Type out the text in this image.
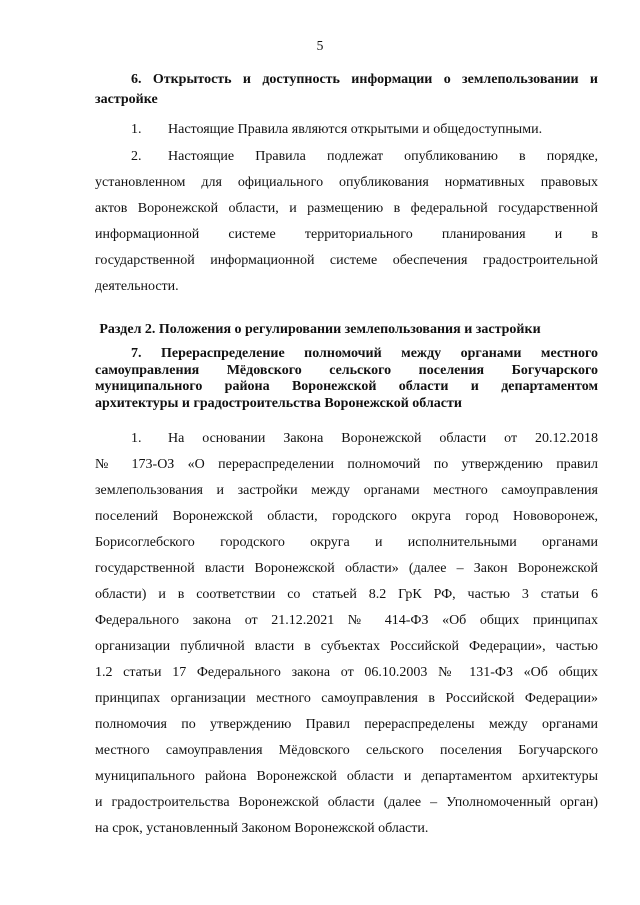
5
6. Открытость и доступность информации о землепользовании и
застройке
1. Настоящие Правила являются открытыми и общедоступными.
2. Настоящие Правила подлежат опубликованию в порядке,
установленном для официального опубликования нормативных правовых
актов Воронежской области, и размещению в федеральной государственной
информационной системе территориального планирования и в
государственной информационной системе обеспечения градостроительной
деятельности.
Раздел 2. Положения о регулировании землепользования и застройки
7. Перераспределение полномочий между органами местного
самоуправления Мёдовского сельского поселения Богучарского
муниципального района Воронежской области и департаментом
архитектуры и градостроительства Воронежской области
1. На основании Закона Воронежской области от 20.12.2018
№ 173-ОЗ «О перераспределении полномочий по утверждению правил
землепользования и застройки между органами местного самоуправления
поселений Воронежской области, городского округа город Нововоронеж,
Борисоглебского городского округа и исполнительными органами
государственной власти Воронежской области» (далее – Закон Воронежской
области) и в соответствии со статьей 8.2 ГрК РФ, частью 3 статьи 6
Федерального закона от 21.12.2021 № 414-ФЗ «Об общих принципах
организации публичной власти в субъектах Российской Федерации», частью
1.2 статьи 17 Федерального закона от 06.10.2003 № 131-ФЗ «Об общих
принципах организации местного самоуправления в Российской Федерации»
полномочия по утверждению Правил перераспределены между органами
местного самоуправления Мёдовского сельского поселения Богучарского
муниципального района Воронежской области и департаментом архитектуры
и градостроительства Воронежской области (далее – Уполномоченный орган)
на срок, установленный Законом Воронежской области.
